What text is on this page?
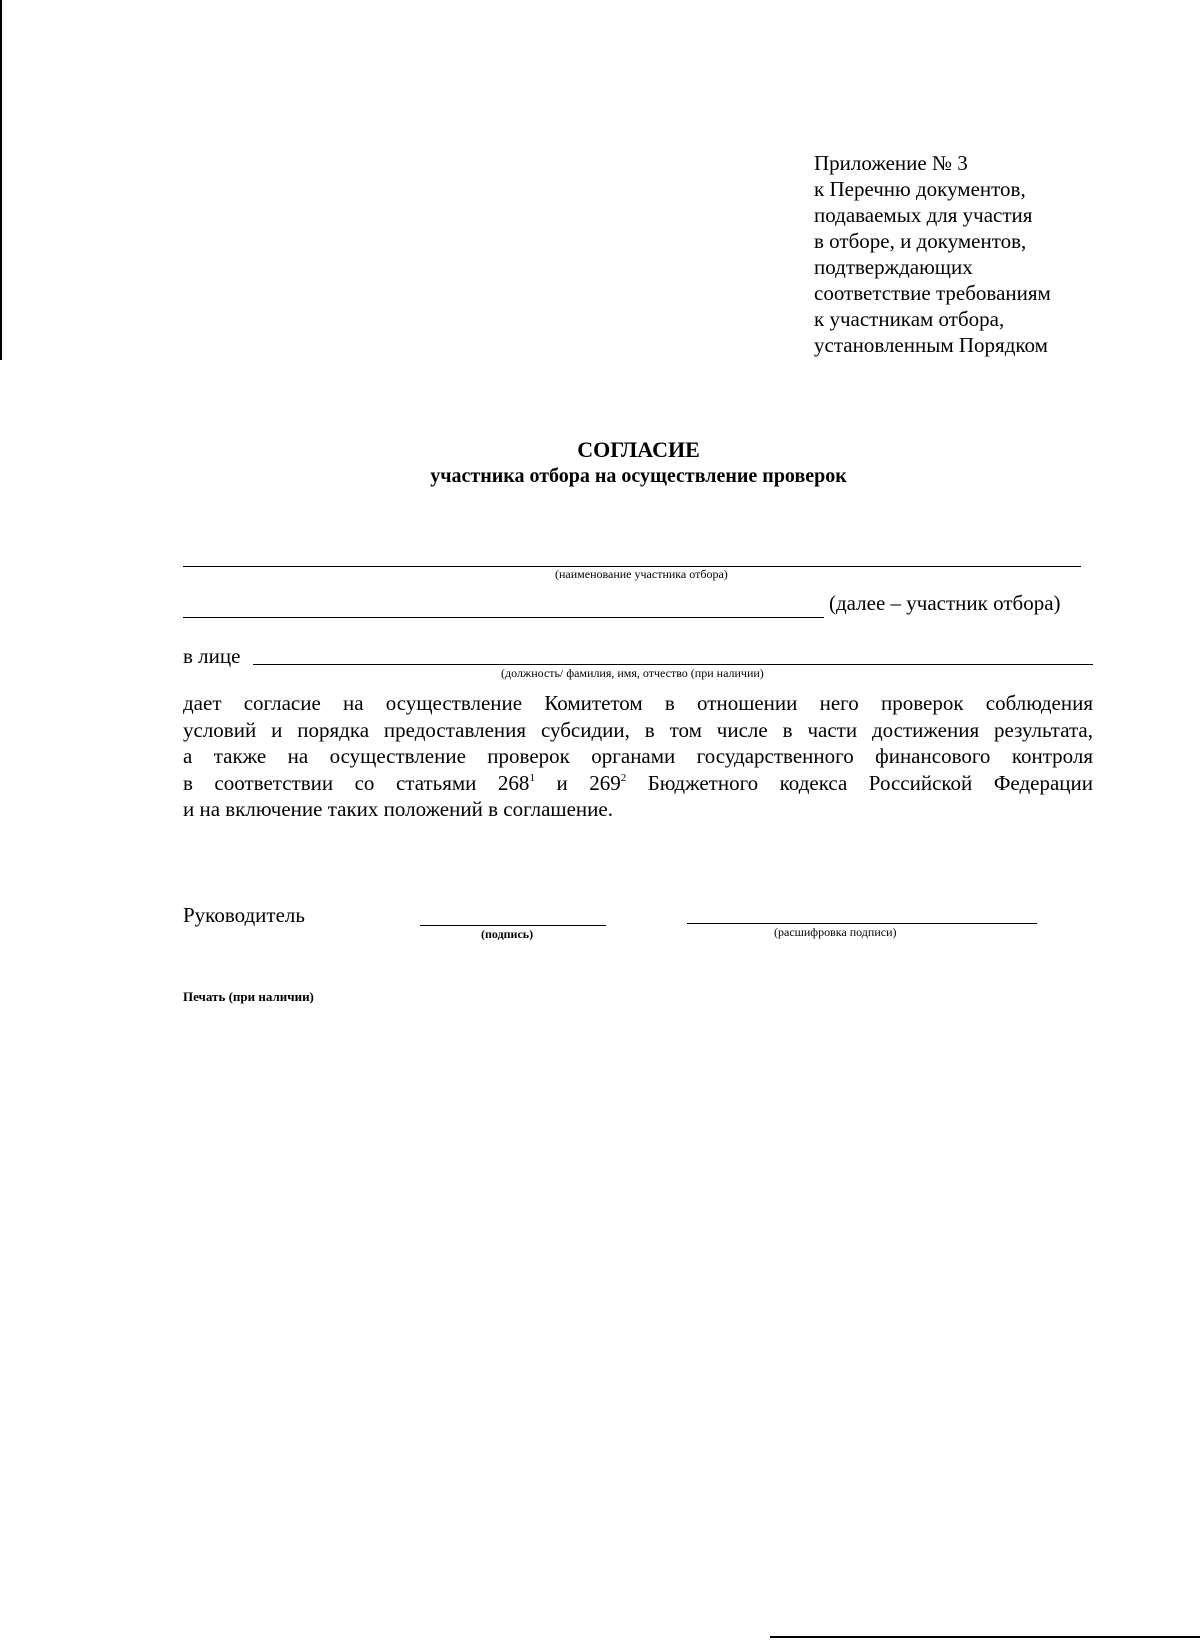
Приложение № 3
к Перечню документов,
подаваемых для участия
в отборе, и документов,
подтверждающих
соответствие требованиям
к участникам отбора,
установленным Порядком
СОГЛАСИЕ
участника отбора на осуществление проверок
(наименование участника отбора)
(далее – участник отбора)
в лице
(должность/ фамилия, имя, отчество (при наличии)
дает согласие на осуществление Комитетом в отношении него проверок соблюдения
условий и порядка предоставления субсидии, в том числе в части достижения результата,
а также на осуществление проверок органами государственного финансового контроля
в соответствии со статьями $268^1$ и $269^2$ Бюджетного кодекса Российской Федерации
и на включение таких положений в соглашение.
Руководитель
(подпись)	(расшифровка подписи)
Печать (при наличии)
